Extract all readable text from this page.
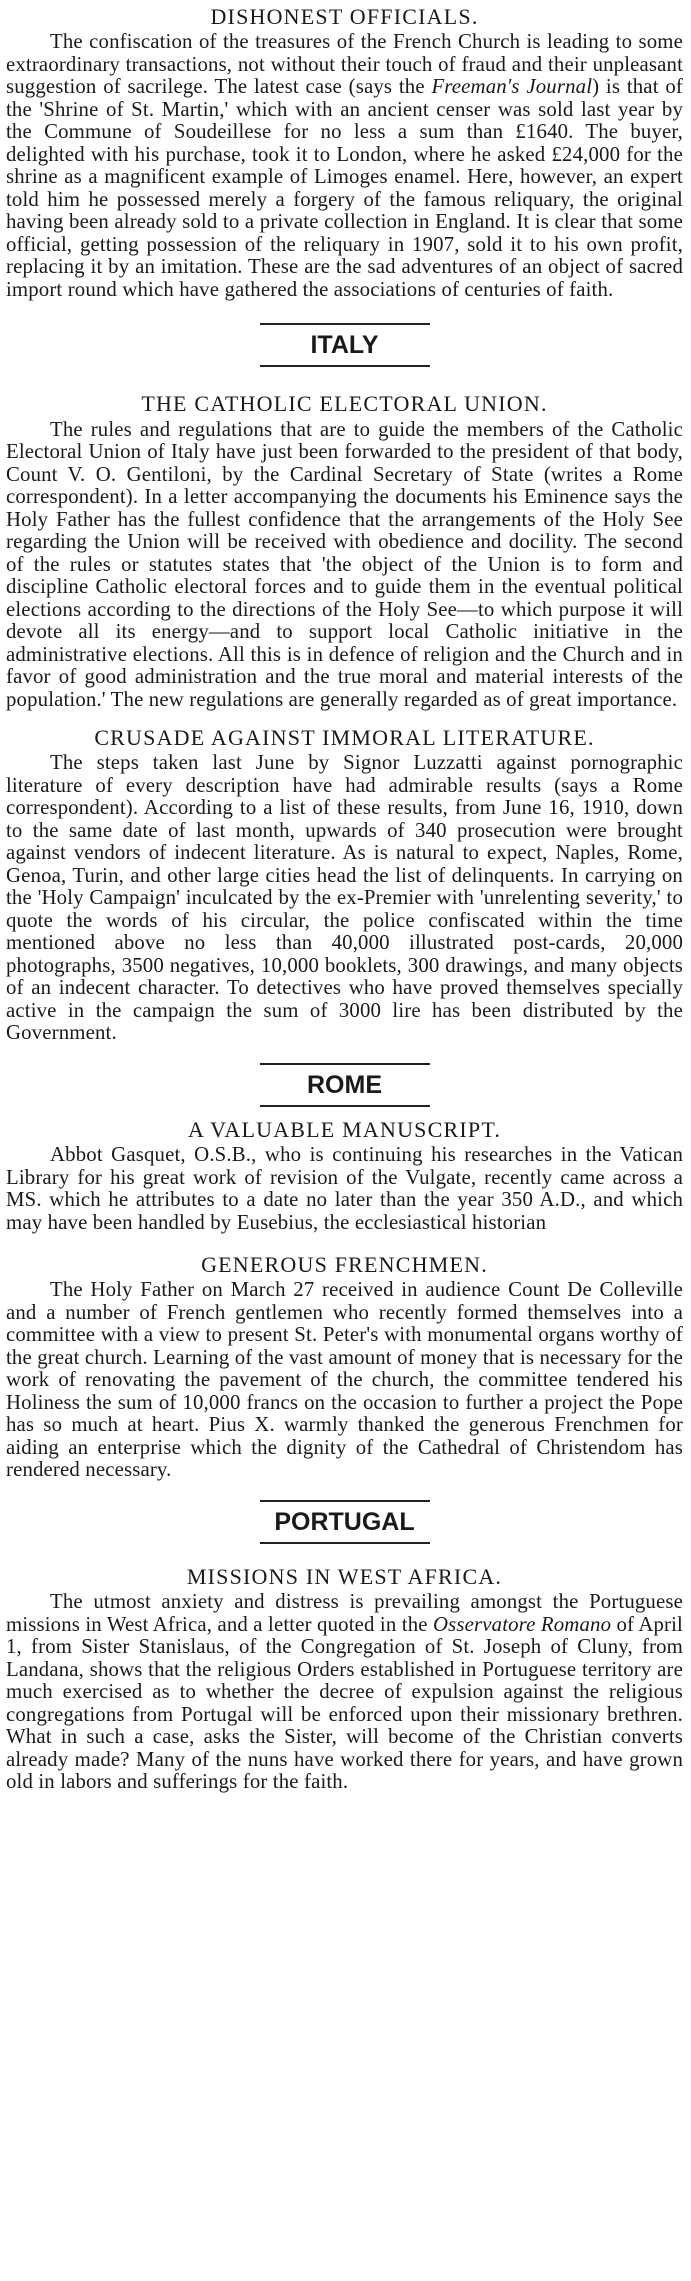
DISHONEST OFFICIALS.

The confiscation of the treasures of the French Church is leading to some extraordinary transactions, not without their touch of fraud and their unpleasant suggestion of sacrilege. The latest case (says the Freeman's Journal) is that of the 'Shrine of St. Martin,' which with an ancient censer was sold last year by the Commune of Soudeillese for no less a sum than £1640. The buyer, delighted with his purchase, took it to London, where he asked £24,000 for the shrine as a magnificent example of Limoges enamel. Here, however, an expert told him he possessed merely a forgery of the famous reliquary, the original having been already sold to a private collection in England. It is clear that some official, getting possession of the reliquary in 1907, sold it to his own profit, replacing it by an imitation. These are the sad adventures of an object of sacred import round which have gathered the associations of centuries of faith.

ITALY
THE CATHOLIC ELECTORAL UNION.

The rules and regulations that are to guide the members of the Catholic Electoral Union of Italy have just been forwarded to the president of that body, Count V. O. Gentiloni, by the Cardinal Secretary of State (writes a Rome correspondent). In a letter accompanying the documents his Eminence says the Holy Father has the fullest confidence that the arrangements of the Holy See regarding the Union will be received with obedience and docility. The second of the rules or statutes states that 'the object of the Union is to form and discipline Catholic electoral forces and to guide them in the eventual political elections according to the directions of the Holy See—to which purpose it will devote all its energy—and to support local Catholic initiative in the administrative elections. All this is in defence of religion and the Church and in favor of good administration and the true moral and material interests of the population.' The new regulations are generally regarded as of great importance.

CRUSADE AGAINST IMMORAL LITERATURE.

The steps taken last June by Signor Luzzatti against pornographic literature of every description have had admirable results (says a Rome correspondent). According to a list of these results, from June 16, 1910, down to the same date of last month, upwards of 340 prosecution were brought against vendors of indecent literature. As is natural to expect, Naples, Rome, Genoa, Turin, and other large cities head the list of delinquents. In carrying on the 'Holy Campaign' inculcated by the ex-Premier with 'unrelenting severity,' to quote the words of his circular, the police confiscated within the time mentioned above no less than 40,000 illustrated post-cards, 20,000 photographs, 3500 negatives, 10,000 booklets, 300 drawings, and many objects of an indecent character. To detectives who have proved themselves specially active in the campaign the sum of 3000 lire has been distributed by the Government.

ROME
A VALUABLE MANUSCRIPT.

Abbot Gasquet, O.S.B., who is continuing his researches in the Vatican Library for his great work of revision of the Vulgate, recently came across a MS. which he attributes to a date no later than the year 350 A.D., and which may have been handled by Eusebius, the ecclesiastical historian

GENEROUS FRENCHMEN.

The Holy Father on March 27 received in audience Count De Colleville and a number of French gentlemen who recently formed themselves into a committee with a view to present St. Peter's with monumental organs worthy of the great church. Learning of the vast amount of money that is necessary for the work of renovating the pavement of the church, the committee tendered his Holiness the sum of 10,000 francs on the occasion to further a project the Pope has so much at heart. Pius X. warmly thanked the generous Frenchmen for aiding an enterprise which the dignity of the Cathedral of Christendom has rendered necessary.

PORTUGAL
MISSIONS IN WEST AFRICA.

The utmost anxiety and distress is prevailing amongst the Portuguese missions in West Africa, and a letter quoted in the Osservatore Romano of April 1, from Sister Stanislaus, of the Congregation of St. Joseph of Cluny, from Landana, shows that the religious Orders established in Portuguese territory are much exercised as to whether the decree of expulsion against the religious congregations from Portugal will be enforced upon their missionary brethren. What in such a case, asks the Sister, will become of the Christian converts already made? Many of the nuns have worked there for years, and have grown old in labors and sufferings for the faith.
